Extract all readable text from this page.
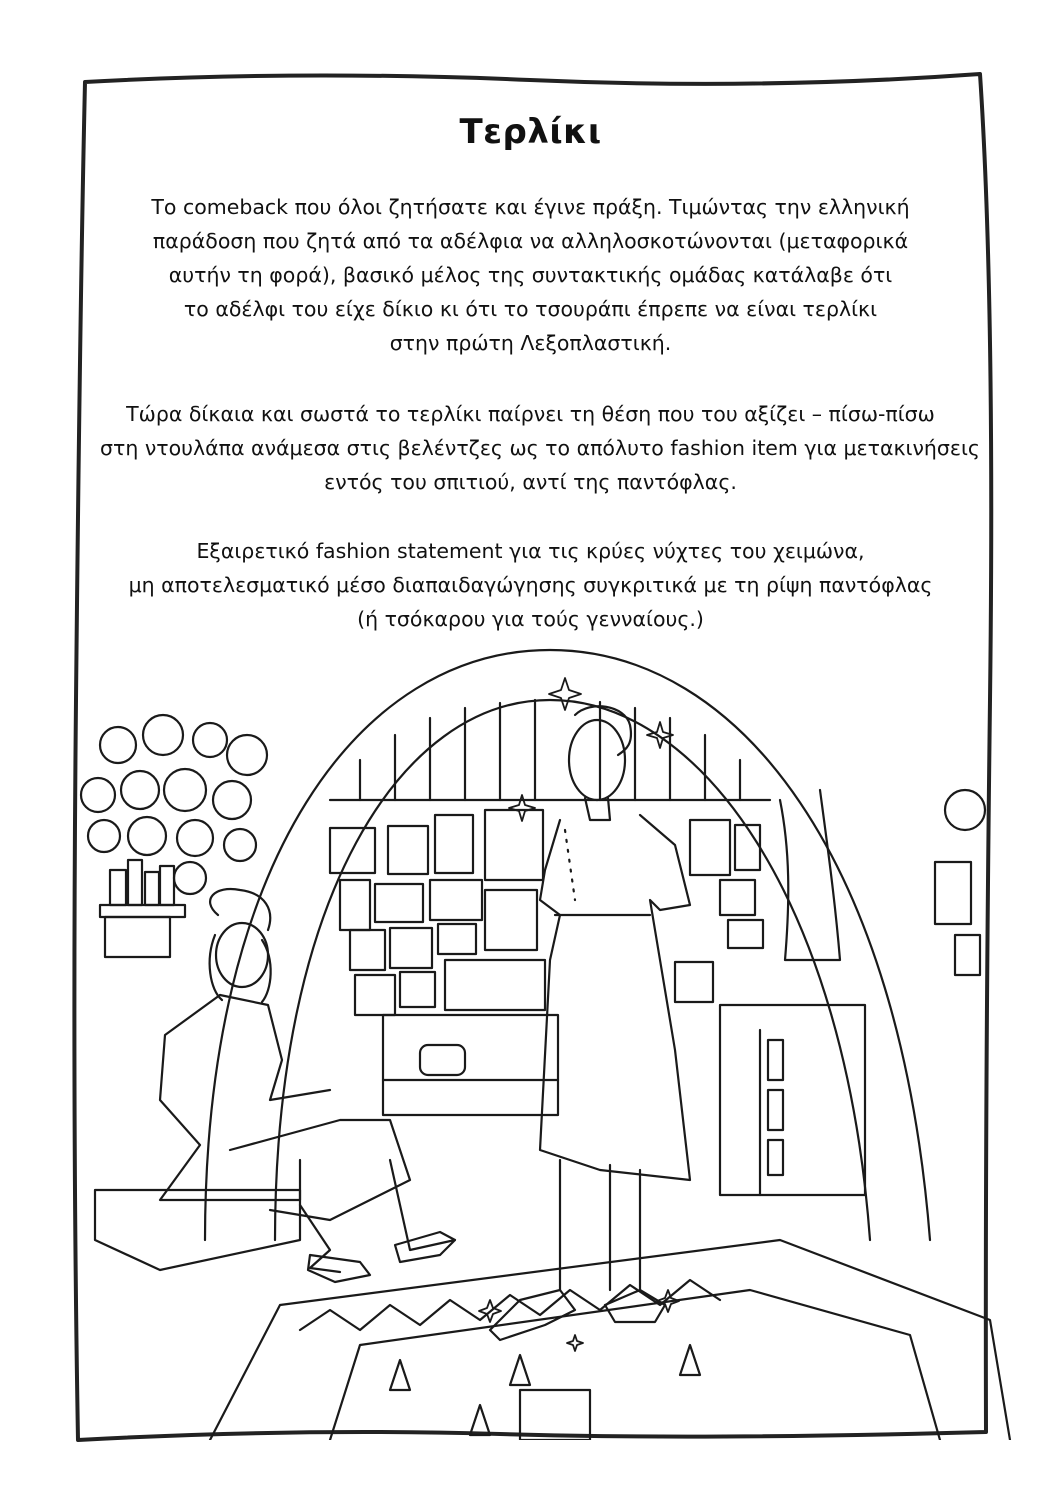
Τερλίκι
Το comeback που όλοι ζητήσατε και έγινε πράξη. Τιμώντας την ελληνική
παράδοση που ζητά από τα αδέλφια να αλληλοσκοτώνονται (μεταφορικά
αυτήν τη φορά), βασικό μέλος της συντακτικής ομάδας κατάλαβε ότι
το αδέλφι του είχε δίκιο κι ότι το τσουράπι έπρεπε να είναι τερλίκι
στην πρώτη Λεξοπλαστική.
Τώρα δίκαια και σωστά το τερλίκι παίρνει τη θέση που του αξίζει – πίσω-πίσω
στη ντουλάπα ανάμεσα στις βελέντζες ως το απόλυτο fashion item για μετακινήσεις
εντός του σπιτιού, αντί της παντόφλας.
Εξαιρετικό fashion statement για τις κρύες νύχτες του χειμώνα,
μη αποτελεσματικό μέσο διαπαιδαγώγησης συγκριτικά με τη ρίψη παντόφλας
(ή τσόκαρου για τούς γενναίους.)
